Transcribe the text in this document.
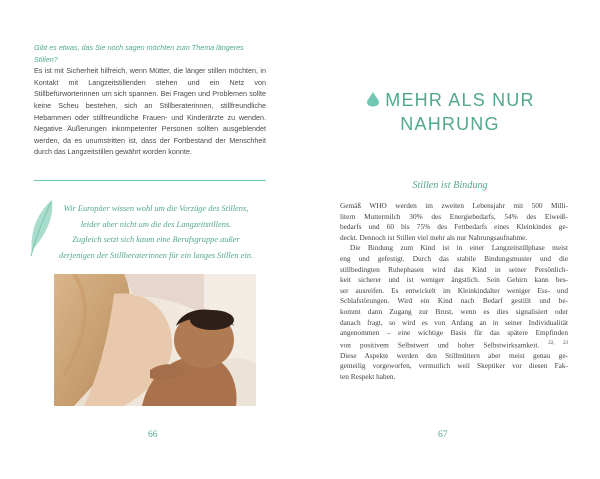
Gibt es etwas, das Sie noch sagen möchten zum Thema längeres Stillen?

Es ist mit Sicherheit hilfreich, wenn Mütter, die länger stillen möchten, in Kontakt mit Langzeitstillenden stehen und ein Netz von Stillbefürworterinnen um sich spannen. Bei Fragen und Problemen sollte keine Scheu bestehen, sich an Stillberaterinnen, stillfreundliche Hebammen oder stillfreundliche Frauen- und Kinderärzte zu wenden. Negative Äußerungen inkompetenter Personen sollten ausgeblendet werden, da es unumstritten ist, dass der Fortbestand der Menschheit durch das Langzeitstillen gewährt worden konnte.

Wir Europäer wissen wohl um die Vorzüge des Stillens,
leider aber nicht um die des Langzeitstillens.
Zugleich setzt sich kaum eine Berufsgruppe außer
derjenigen der Stillberaterinnen für ein langes Stillen ein.
66
MEHR ALS NUR
NAHRUNG
Stillen ist Bindung
Gemäß WHO werden im zweiten Lebensjahr mit 500 Milli-
litern Muttermilch 30% des Energiebedarfs, 54% des Eiweiß-
bedarfs und 60 bis 75% des Fettbedarfs eines Kleinkindes ge-
deckt. Dennoch ist Stillen viel mehr als nur Nahrungsaufnahme.
Die Bindung zum Kind ist in einer Langzeitstillphase meist
eng und gefestigt. Durch das stabile Bindungsmuster und die
stillbedingten Ruhephasen wird das Kind in seiner Persönlich-
keit sicherer und ist weniger ängstlich. Sein Gehirn kann bes-
ser ausreifen. Es entwickelt im Kleinkindalter weniger Ess- und
Schlafstörungen. Wird ein Kind nach Bedarf gestillt und be-
kommt dann Zugang zur Brust, wenn es dies signalisiert oder
danach fragt, so wird es von Anfang an in seiner Individualität
angenommen – eine wichtige Basis für das spätere Empfinden
von positivem Selbstwert und hoher Selbstwirksamkeit. $^{22, 23}$
Diese Aspekte werden den Stillmüttern aber meist genau ge-
genteilig vorgeworfen, vermutlich weil Skeptiker vor diesen Fak-
ten Respekt haben.
67
